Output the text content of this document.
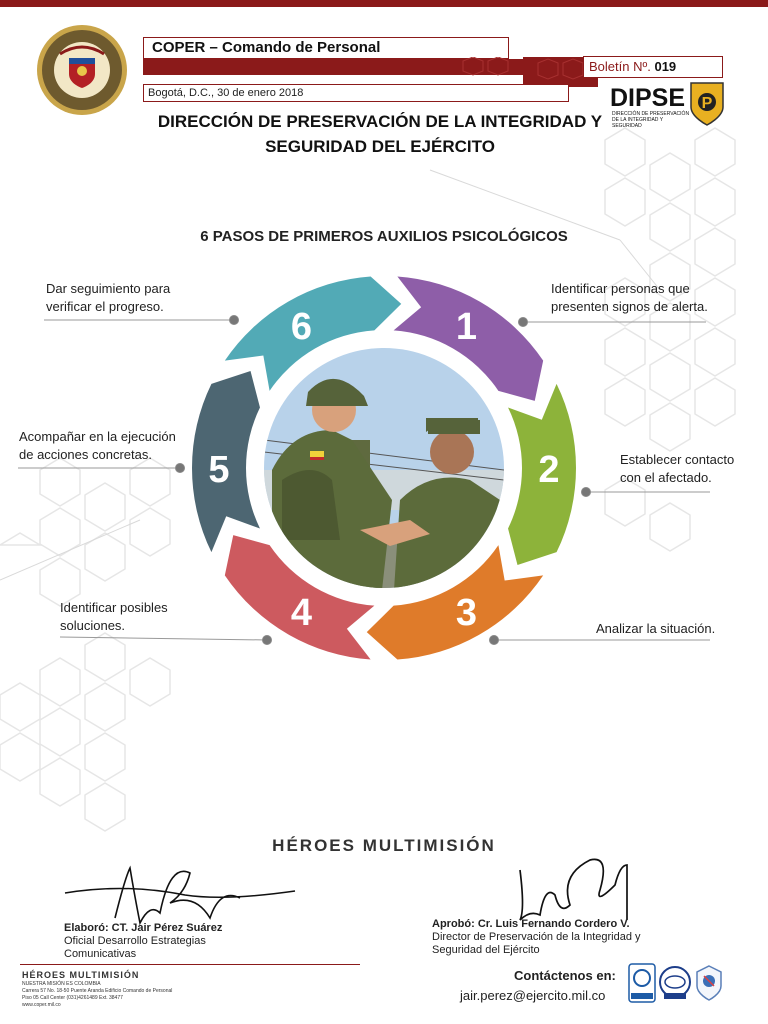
COPER – Comando de Personal
Bogotá, D.C., 30 de enero 2018
Boletín Nº. 019
DIPSE
DIRECCIÓN DE PRESERVACIÓN DE LA INTEGRIDAD Y SEGURIDAD
P
DIRECCIÓN DE PRESERVACIÓN DE LA INTEGRIDAD Y
SEGURIDAD DEL EJÉRCITO
6 PASOS DE PRIMEROS AUXILIOS PSICOLÓGICOS
1
2
3
4
5
6
Identificar personas que
presenten signos de alerta.
Establecer contacto
con el afectado.
Analizar la situación.
Identificar posibles
soluciones.
Acompañar en la ejecución
de acciones concretas.
Dar seguimiento para
verificar el progreso.
HÉROES MULTIMISIÓN
Elaboró: CT. Jair Pérez Suárez
Oficial Desarrollo Estrategias
Comunicativas
Aprobó: Cr. Luis Fernando Cordero V.
Director de Preservación de la Integridad y
Seguridad del Ejército
HÉROES MULTIMISIÓN
NUESTRA MISIÓN ES COLOMBIA
Carrera 57 No. 18-50 Puente Aranda Edificio Comando de Personal
Piso 05 Call Center (031)4261489 Ext. 38477
www.coper.mil.co
Contáctenos en:
jair.perez@ejercito.mil.co
